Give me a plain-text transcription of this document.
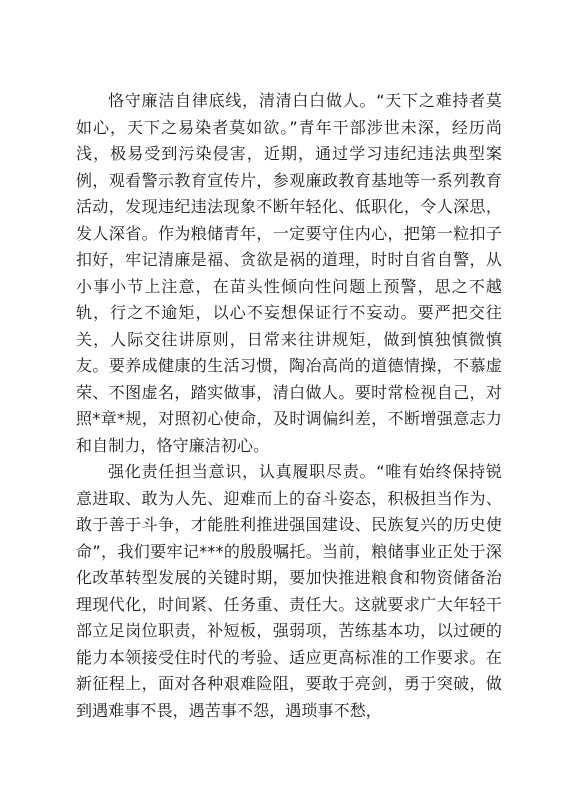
恪守廉洁自律底线，清清白白做人。“天下之难持者莫如心，天下之易染者莫如欲。”青年干部涉世未深，经历尚浅，极易受到污染侵害，近期，通过学习违纪违法典型案例，观看警示教育宣传片，参观廉政教育基地等一系列教育活动，发现违纪违法现象不断年轻化、低职化，令人深思，发人深省。作为粮储青年，一定要守住内心，把第一粒扣子扣好，牢记清廉是福、贪欲是祸的道理，时时自省自警，从小事小节上注意，在苗头性倾向性问题上预警，思之不越轨，行之不逾矩，以心不妄想保证行不妄动。要严把交往关，人际交往讲原则，日常来往讲规矩，做到慎独慎微慎友。要养成健康的生活习惯，陶冶高尚的道德情操，不慕虚荣、不图虚名，踏实做事，清白做人。要时常检视自己，对照*章*规，对照初心使命，及时调偏纠差，不断增强意志力和自制力，恪守廉洁初心。

强化责任担当意识，认真履职尽责。“唯有始终保持锐意进取、敢为人先、迎难而上的奋斗姿态，积极担当作为、敢于善于斗争，才能胜利推进强国建设、民族复兴的历史使命”，我们要牢记***的殷殷嘱托。当前，粮储事业正处于深化改革转型发展的关键时期，要加快推进粮食和物资储备治理现代化，时间紧、任务重、责任大。这就要求广大年轻干部立足岗位职责，补短板，强弱项，苦练基本功，以过硬的能力本领接受住时代的考验、适应更高标准的工作要求。在新征程上，面对各种艰难险阻，要敢于亮剑，勇于突破，做到遇难事不畏，遇苦事不怨，遇琐事不愁，
